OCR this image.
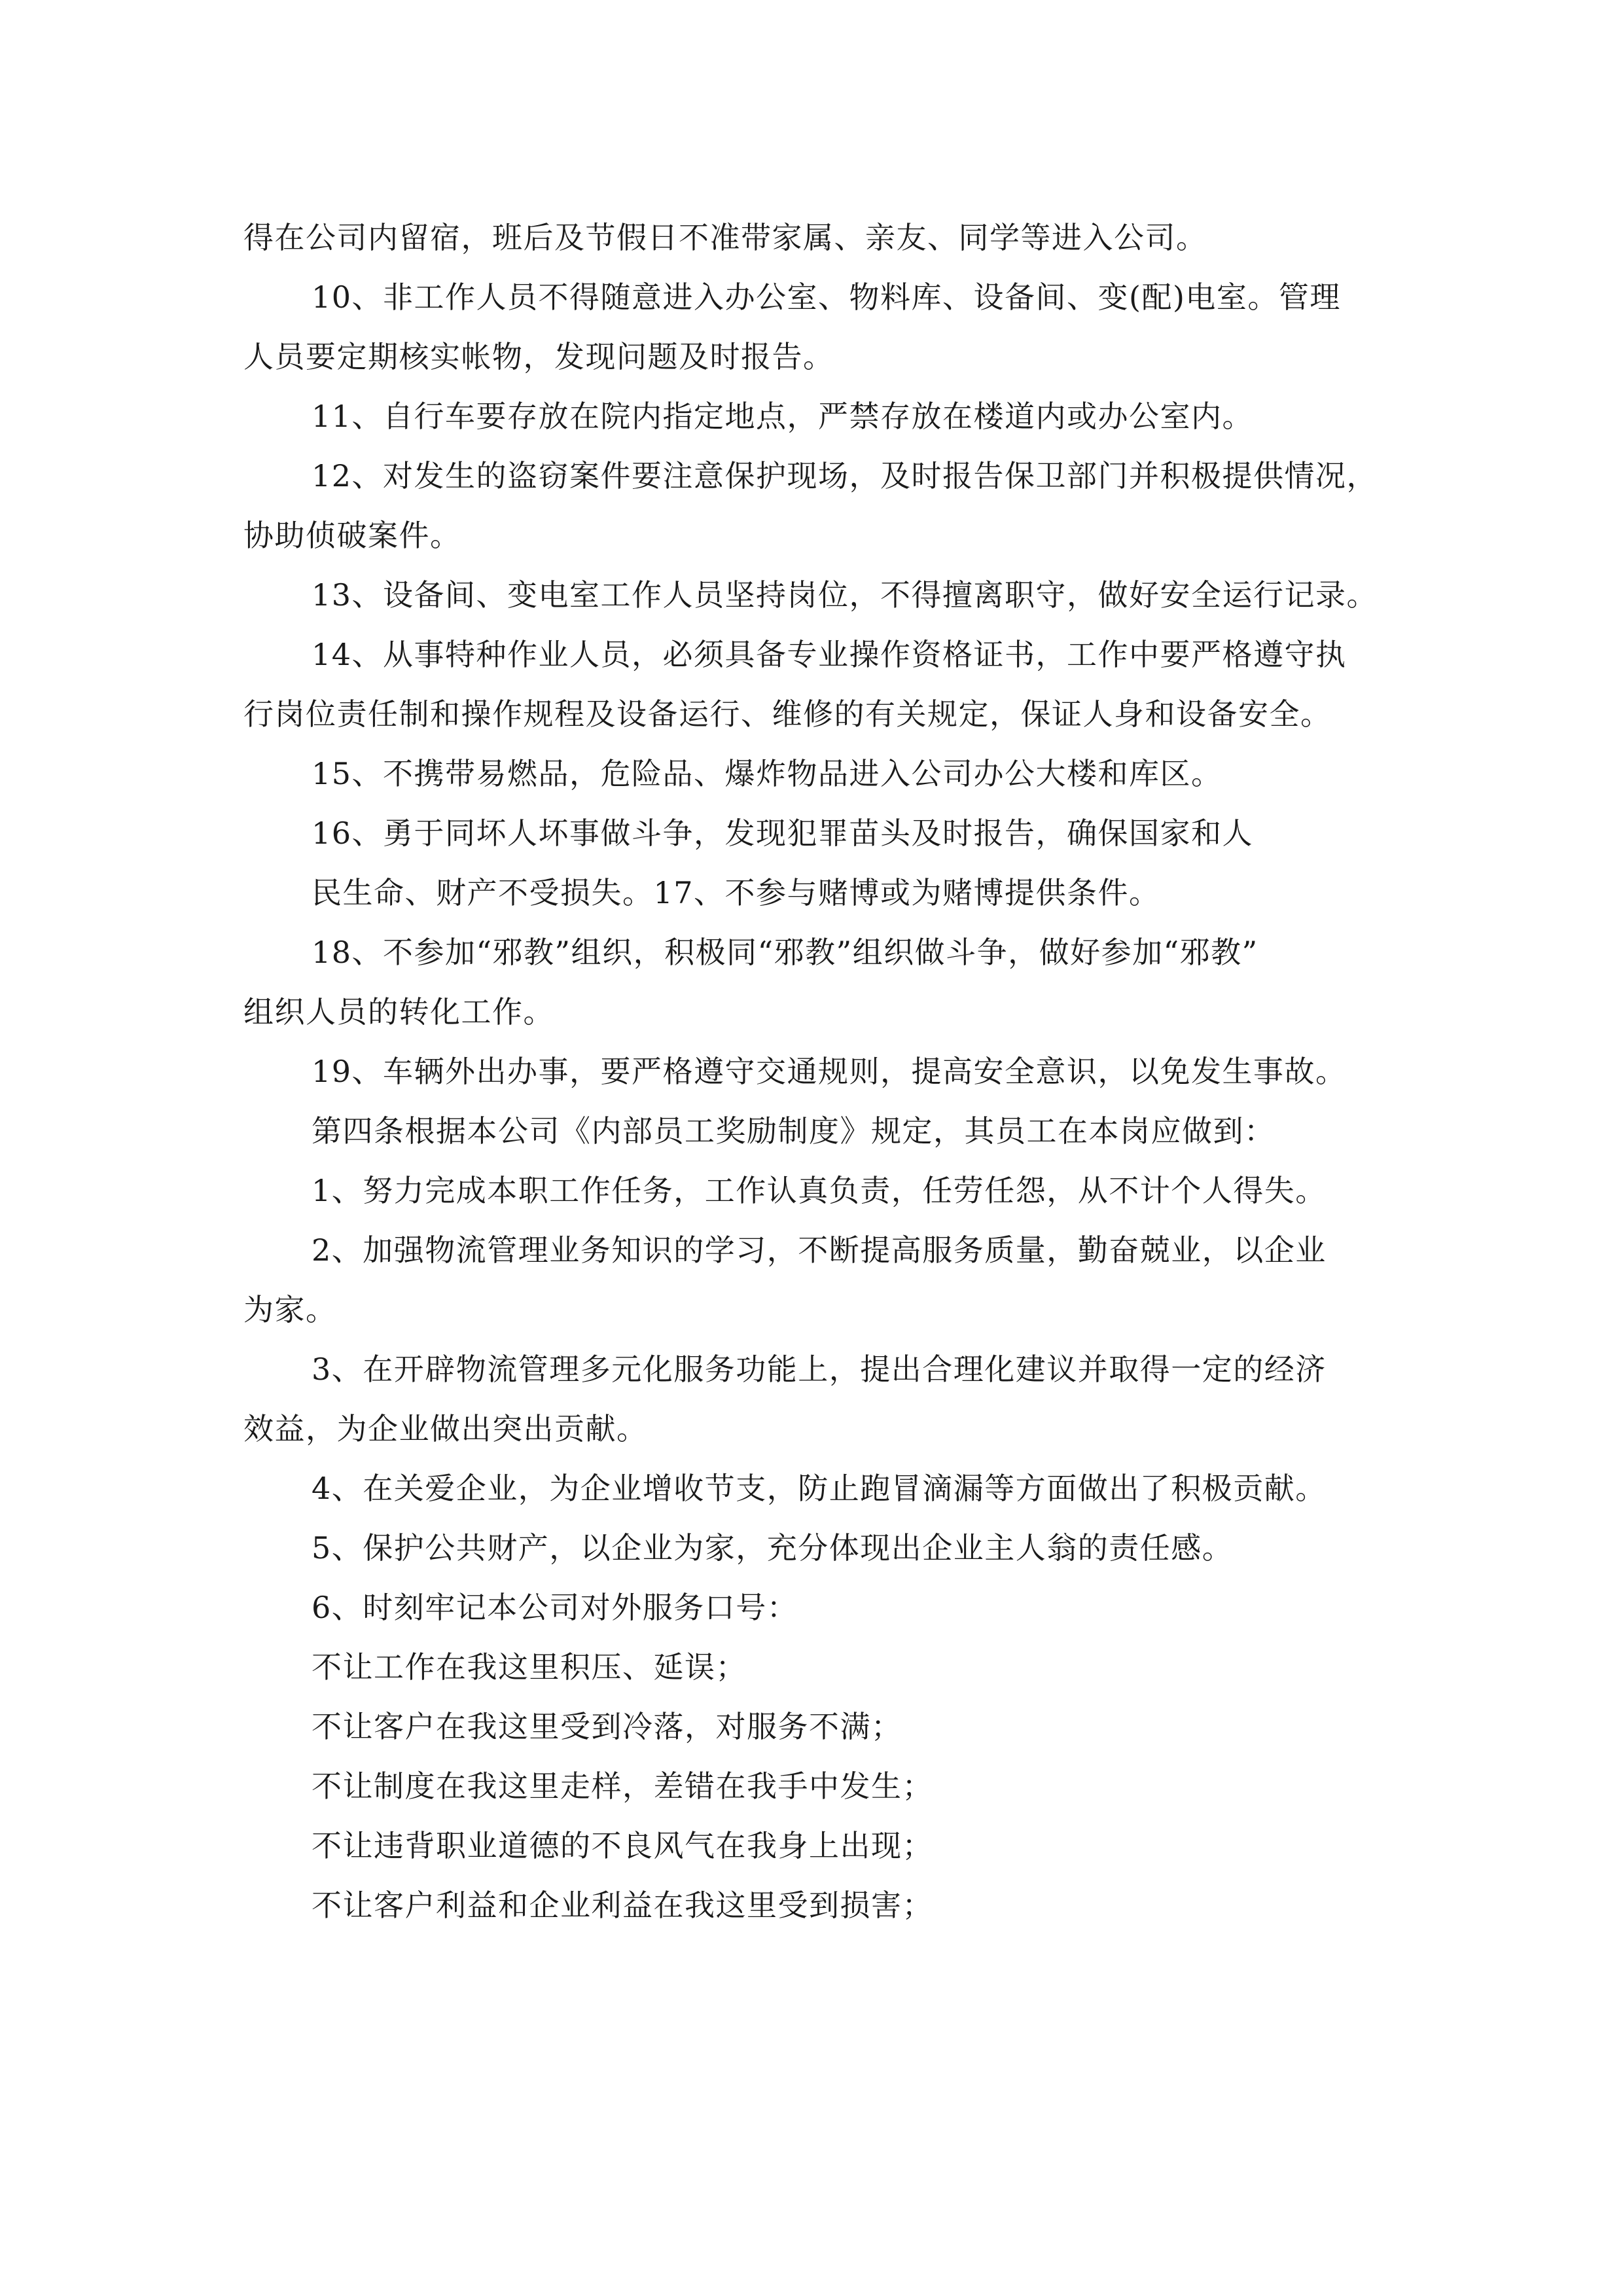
得在公司内留宿，班后及节假日不准带家属、亲友、同学等进入公司。
10、非工作人员不得随意进入办公室、物料库、设备间、变(配)电室。管理
人员要定期核实帐物，发现问题及时报告。
11、自行车要存放在院内指定地点，严禁存放在楼道内或办公室内。
12、对发生的盗窃案件要注意保护现场，及时报告保卫部门并积极提供情况，
协助侦破案件。
13、设备间、变电室工作人员坚持岗位，不得擅离职守，做好安全运行记录。
14、从事特种作业人员，必须具备专业操作资格证书，工作中要严格遵守执
行岗位责任制和操作规程及设备运行、维修的有关规定，保证人身和设备安全。
15、不携带易燃品，危险品、爆炸物品进入公司办公大楼和库区。
16、勇于同坏人坏事做斗争，发现犯罪苗头及时报告，确保国家和人
民生命、财产不受损失。17、不参与赌博或为赌博提供条件。
18、不参加“邪教”组织，积极同“邪教”组织做斗争，做好参加“邪教”
组织人员的转化工作。
19、车辆外出办事，要严格遵守交通规则，提高安全意识，以免发生事故。
第四条根据本公司《内部员工奖励制度》规定，其员工在本岗应做到：
1、努力完成本职工作任务，工作认真负责，任劳任怨，从不计个人得失。
2、加强物流管理业务知识的学习，不断提高服务质量，勤奋兢业，以企业
为家。
3、在开辟物流管理多元化服务功能上，提出合理化建议并取得一定的经济
效益，为企业做出突出贡献。
4、在关爱企业，为企业增收节支，防止跑冒滴漏等方面做出了积极贡献。
5、保护公共财产，以企业为家，充分体现出企业主人翁的责任感。
6、时刻牢记本公司对外服务口号：
不让工作在我这里积压、延误；
不让客户在我这里受到冷落，对服务不满；
不让制度在我这里走样，差错在我手中发生；
不让违背职业道德的不良风气在我身上出现；
不让客户利益和企业利益在我这里受到损害；
